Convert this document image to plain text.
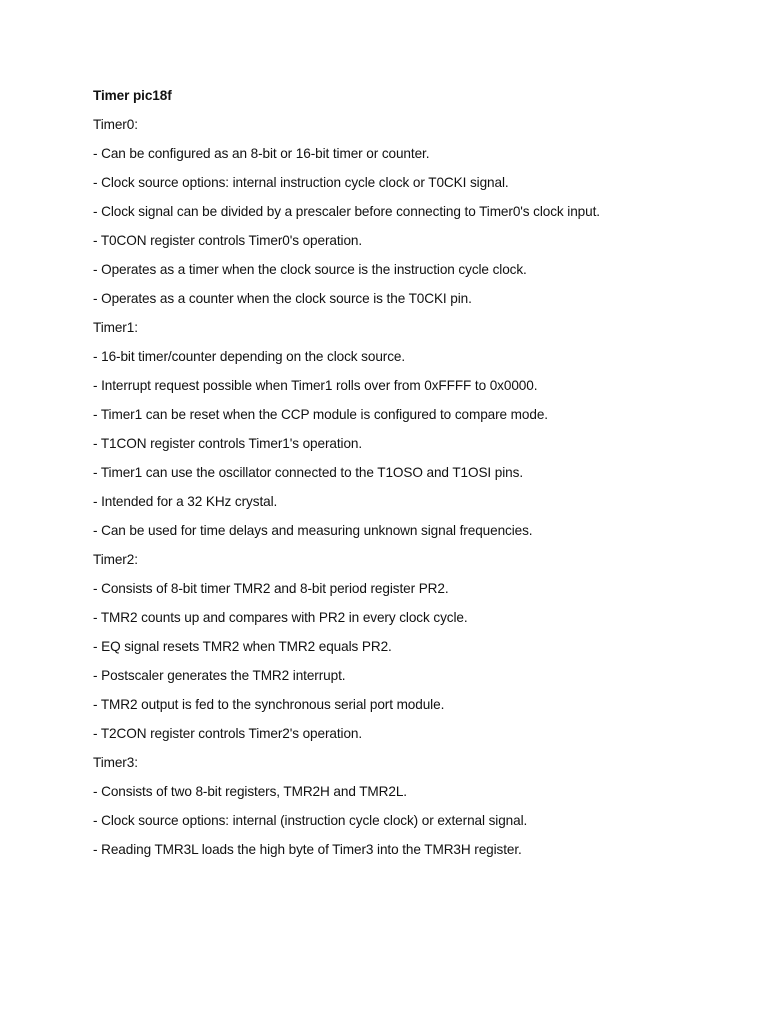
Timer pic18f

Timer0:

- Can be configured as an 8-bit or 16-bit timer or counter.

- Clock source options: internal instruction cycle clock or T0CKI signal.

- Clock signal can be divided by a prescaler before connecting to Timer0's clock input.

- T0CON register controls Timer0's operation.

- Operates as a timer when the clock source is the instruction cycle clock.

- Operates as a counter when the clock source is the T0CKI pin.

Timer1:

- 16-bit timer/counter depending on the clock source.

- Interrupt request possible when Timer1 rolls over from 0xFFFF to 0x0000.

- Timer1 can be reset when the CCP module is configured to compare mode.

- T1CON register controls Timer1's operation.

- Timer1 can use the oscillator connected to the T1OSO and T1OSI pins.

- Intended for a 32 KHz crystal.

- Can be used for time delays and measuring unknown signal frequencies.

Timer2:

- Consists of 8-bit timer TMR2 and 8-bit period register PR2.

- TMR2 counts up and compares with PR2 in every clock cycle.

- EQ signal resets TMR2 when TMR2 equals PR2.

- Postscaler generates the TMR2 interrupt.

- TMR2 output is fed to the synchronous serial port module.

- T2CON register controls Timer2's operation.

Timer3:

- Consists of two 8-bit registers, TMR2H and TMR2L.

- Clock source options: internal (instruction cycle clock) or external signal.

- Reading TMR3L loads the high byte of Timer3 into the TMR3H register.
